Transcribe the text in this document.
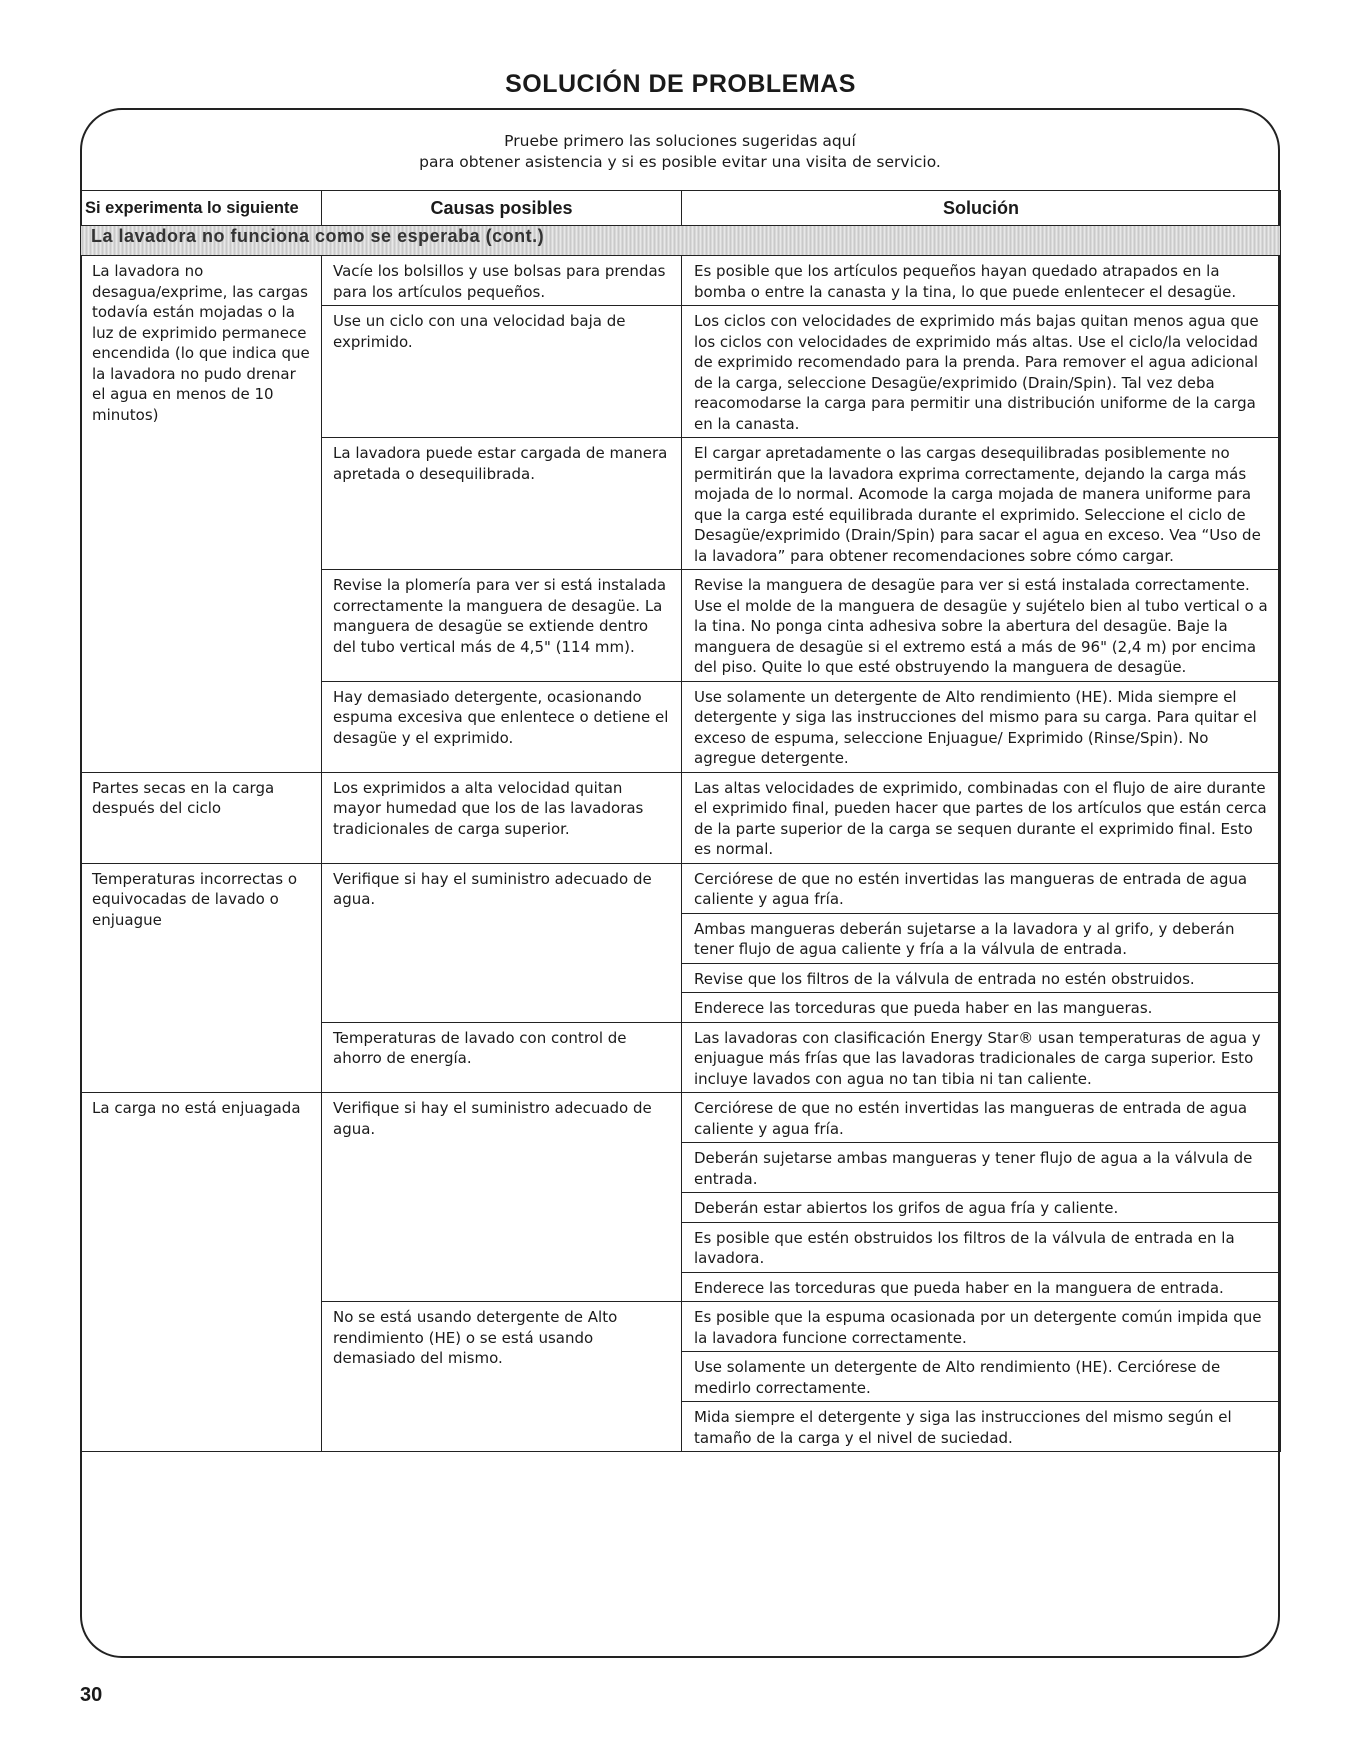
SOLUCIÓN DE PROBLEMAS
Pruebe primero las soluciones sugeridas aquí
para obtener asistencia y si es posible evitar una visita de servicio.
Si experimenta lo siguiente	Causas posibles	Solución
La lavadora no funciona como se esperaba (cont.)		
La lavadora no desagua/exprime, las cargas todavía están mojadas o la luz de exprimido permanece encendida (lo que indica que la lavadora no pudo drenar el agua en menos de 10 minutos)	Vacíe los bolsillos y use bolsas para prendas para los artículos pequeños.	Es posible que los artículos pequeños hayan quedado atrapados en la bomba o entre la canasta y la tina, lo que puede enlentecer el desagüe.
	Use un ciclo con una velocidad baja de exprimido.	Los ciclos con velocidades de exprimido más bajas quitan menos agua que los ciclos con velocidades de exprimido más altas. Use el ciclo/la velocidad de exprimido recomendado para la prenda. Para remover el agua adicional de la carga, seleccione Desagüe/exprimido (Drain/Spin). Tal vez deba reacomodarse la carga para permitir una distribución uniforme de la carga en la canasta.
	La lavadora puede estar cargada de manera apretada o desequilibrada.	El cargar apretadamente o las cargas desequilibradas posiblemente no permitirán que la lavadora exprima correctamente, dejando la carga más mojada de lo normal. Acomode la carga mojada de manera uniforme para que la carga esté equilibrada durante el exprimido. Seleccione el ciclo de Desagüe/exprimido (Drain/Spin) para sacar el agua en exceso. Vea “Uso de la lavadora” para obtener recomendaciones sobre cómo cargar.
	Revise la plomería para ver si está instalada correctamente la manguera de desagüe. La manguera de desagüe se extiende dentro del tubo vertical más de 4,5" (114 mm).	Revise la manguera de desagüe para ver si está instalada correctamente. Use el molde de la manguera de desagüe y sujételo bien al tubo vertical o a la tina. No ponga cinta adhesiva sobre la abertura del desagüe. Baje la manguera de desagüe si el extremo está a más de 96" (2,4 m) por encima del piso. Quite lo que esté obstruyendo la manguera de desagüe.
	Hay demasiado detergente, ocasionando espuma excesiva que enlentece o detiene el desagüe y el exprimido.	Use solamente un detergente de Alto rendimiento (HE). Mida siempre el detergente y siga las instrucciones del mismo para su carga. Para quitar el exceso de espuma, seleccione Enjuague/ Exprimido (Rinse/Spin). No agregue detergente.
Partes secas en la carga después del ciclo	Los exprimidos a alta velocidad quitan mayor humedad que los de las lavadoras tradicionales de carga superior.	Las altas velocidades de exprimido, combinadas con el flujo de aire durante el exprimido final, pueden hacer que partes de los artículos que están cerca de la parte superior de la carga se sequen durante el exprimido final. Esto es normal.
Temperaturas incorrectas o equivocadas de lavado o enjuague	Verifique si hay el suministro adecuado de agua.	Cerciórese de que no estén invertidas las mangueras de entrada de agua caliente y agua fría.
		Ambas mangueras deberán sujetarse a la lavadora y al grifo, y deberán tener flujo de agua caliente y fría a la válvula de entrada.
		Revise que los filtros de la válvula de entrada no estén obstruidos.
		Enderece las torceduras que pueda haber en las mangueras.
	Temperaturas de lavado con control de ahorro de energía.	Las lavadoras con clasificación Energy Star® usan temperaturas de agua y enjuague más frías que las lavadoras tradicionales de carga superior. Esto incluye lavados con agua no tan tibia ni tan caliente.
La carga no está enjuagada	Verifique si hay el suministro adecuado de agua.	Cerciórese de que no estén invertidas las mangueras de entrada de agua caliente y agua fría.
		Deberán sujetarse ambas mangueras y tener flujo de agua a la válvula de entrada.
		Deberán estar abiertos los grifos de agua fría y caliente.
		Es posible que estén obstruidos los filtros de la válvula de entrada en la lavadora.
		Enderece las torceduras que pueda haber en la manguera de entrada.
	No se está usando detergente de Alto rendimiento (HE) o se está usando demasiado del mismo.	Es posible que la espuma ocasionada por un detergente común impida que la lavadora funcione correctamente.
		Use solamente un detergente de Alto rendimiento (HE). Cerciórese de medirlo correctamente.
		Mida siempre el detergente y siga las instrucciones del mismo según el tamaño de la carga y el nivel de suciedad.
30
